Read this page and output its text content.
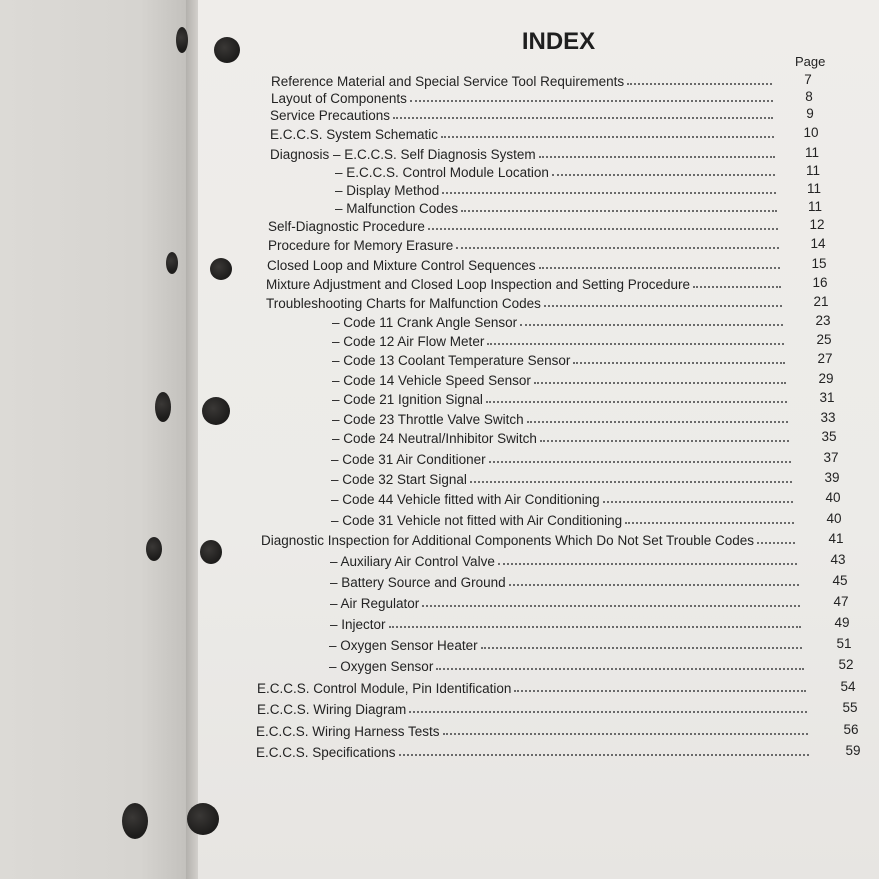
INDEX
Page
Reference Material and Special Service Tool Requirements	7
Layout of Components	8
Service Precautions	9
E.C.C.S. System Schematic	10
Diagnosis – E.C.C.S. Self Diagnosis System	11
– E.C.C.S. Control Module Location	11
– Display Method	11
– Malfunction Codes	11
Self-Diagnostic Procedure	12
Procedure for Memory Erasure	14
Closed Loop and Mixture Control Sequences	15
Mixture Adjustment and Closed Loop Inspection and Setting Procedure	16
Troubleshooting Charts for Malfunction Codes	21
– Code 11 Crank Angle Sensor	23
– Code 12 Air Flow Meter	25
– Code 13 Coolant Temperature Sensor	27
– Code 14 Vehicle Speed Sensor	29
– Code 21 Ignition Signal	31
– Code 23 Throttle Valve Switch	33
– Code 24 Neutral/Inhibitor Switch	35
– Code 31 Air Conditioner	37
– Code 32 Start Signal	39
– Code 44 Vehicle fitted with Air Conditioning	40
– Code 31 Vehicle not fitted with Air Conditioning	40
Diagnostic Inspection for Additional Components Which Do Not Set Trouble Codes	41
– Auxiliary Air Control Valve	43
– Battery Source and Ground	45
– Air Regulator	47
– Injector	49
– Oxygen Sensor Heater	51
– Oxygen Sensor	52
E.C.C.S. Control Module, Pin Identification	54
E.C.C.S. Wiring Diagram	55
E.C.C.S. Wiring Harness Tests	56
E.C.C.S. Specifications	59
